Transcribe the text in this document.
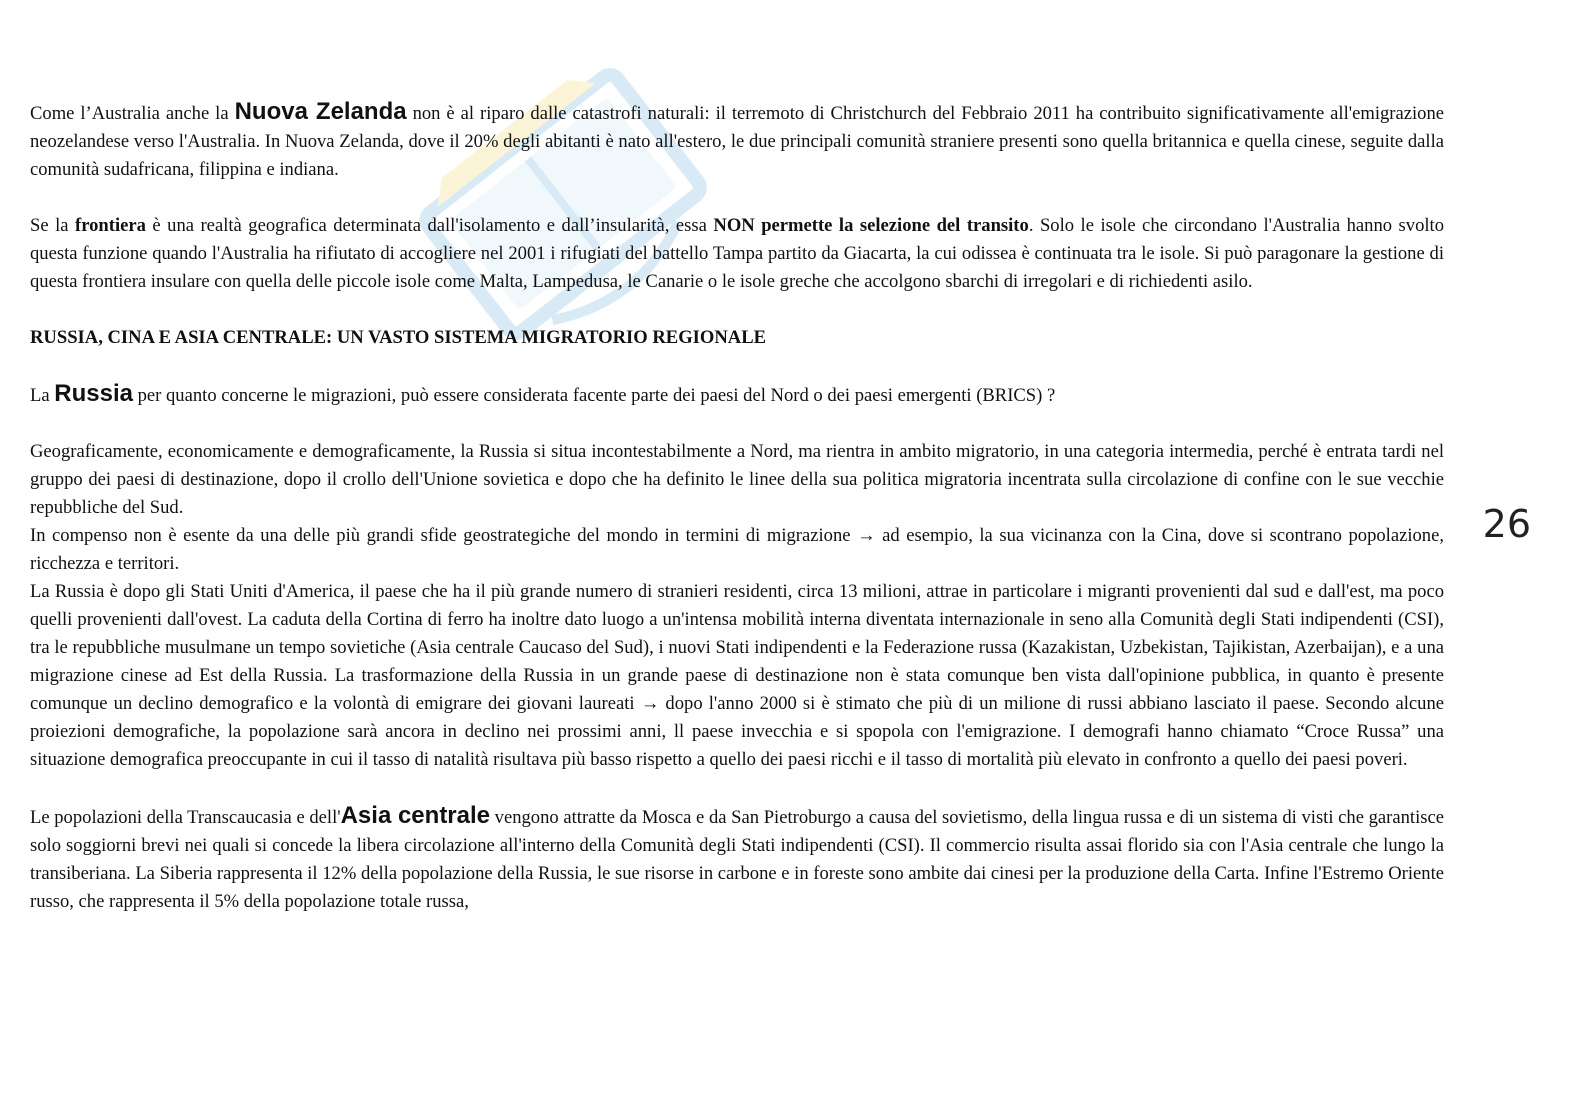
Come l’Australia anche la Nuova Zelanda non è al riparo dalle catastrofi naturali: il terremoto di Christchurch del Febbraio 2011 ha contribuito significativamente all'emigrazione neozelandese verso l'Australia. In Nuova Zelanda, dove il 20% degli abitanti è nato all'estero, le due principali comunità straniere presenti sono quella britannica e quella cinese, seguite dalla comunità sudafricana, filippina e indiana.

Se la frontiera è una realtà geografica determinata dall'isolamento e dall’insularità, essa NON permette la selezione del transito. Solo le isole che circondano l'Australia hanno svolto questa funzione quando l'Australia ha rifiutato di accogliere nel 2001 i rifugiati del battello Tampa partito da Giacarta, la cui odissea è continuata tra le isole. Si può paragonare la gestione di questa frontiera insulare con quella delle piccole isole come Malta, Lampedusa, le Canarie o le isole greche che accolgono sbarchi di irregolari e di richiedenti asilo.

RUSSIA, CINA E ASIA CENTRALE: UN VASTO SISTEMA MIGRATORIO REGIONALE

La Russia per quanto concerne le migrazioni, può essere considerata facente parte dei paesi del Nord o dei paesi emergenti (BRICS) ?

Geograficamente, economicamente e demograficamente, la Russia si situa incontestabilmente a Nord, ma rientra in ambito migratorio, in una categoria intermedia, perché è entrata tardi nel gruppo dei paesi di destinazione, dopo il crollo dell'Unione sovietica e dopo che ha definito le linee della sua politica migratoria incentrata sulla circolazione di confine con le sue vecchie repubbliche del Sud.

In compenso non è esente da una delle più grandi sfide geostrategiche del mondo in termini di migrazione → ad esempio, la sua vicinanza con la Cina, dove si scontrano popolazione, ricchezza e territori.

La Russia è dopo gli Stati Uniti d'America, il paese che ha il più grande numero di stranieri residenti, circa 13 milioni, attrae in particolare i migranti provenienti dal sud e dall'est, ma poco quelli provenienti dall'ovest. La caduta della Cortina di ferro ha inoltre dato luogo a un'intensa mobilità interna diventata internazionale in seno alla Comunità degli Stati indipendenti (CSI), tra le repubbliche musulmane un tempo sovietiche (Asia centrale Caucaso del Sud), i nuovi Stati indipendenti e la Federazione russa (Kazakistan, Uzbekistan, Tajikistan, Azerbaijan), e a una migrazione cinese ad Est della Russia. La trasformazione della Russia in un grande paese di destinazione non è stata comunque ben vista dall'opinione pubblica, in quanto è presente comunque un declino demografico e la volontà di emigrare dei giovani laureati → dopo l'anno 2000 si è stimato che più di un milione di russi abbiano lasciato il paese. Secondo alcune proiezioni demografiche, la popolazione sarà ancora in declino nei prossimi anni, ll paese invecchia e si spopola con l'emigrazione. I demografi hanno chiamato “Croce Russa” una situazione demografica preoccupante in cui il tasso di natalità risultava più basso rispetto a quello dei paesi ricchi e il tasso di mortalità più elevato in confronto a quello dei paesi poveri.

Le popolazioni della Transcaucasia e dell'Asia centrale vengono attratte da Mosca e da San Pietroburgo a causa del sovietismo, della lingua russa e di un sistema di visti che garantisce solo soggiorni brevi nei quali si concede la libera circolazione all'interno della Comunità degli Stati indipendenti (CSI). Il commercio risulta assai florido sia con l'Asia centrale che lungo la transiberiana. La Siberia rappresenta il 12% della popolazione della Russia, le sue risorse in carbone e in foreste sono ambite dai cinesi per la produzione della Carta. Infine l'Estremo Oriente russo, che rappresenta il 5% della popolazione totale russa,

26
